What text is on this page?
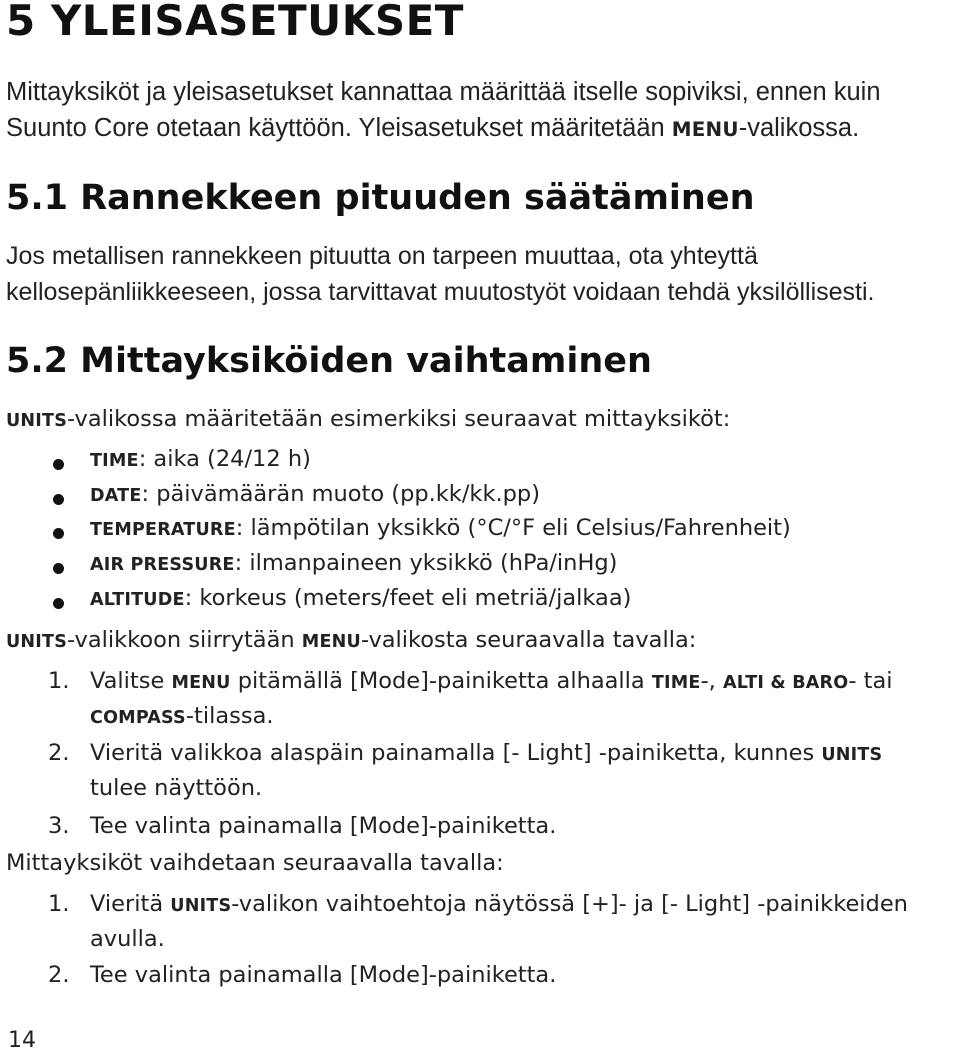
5 YLEISASETUKSET

Mittayksiköt ja yleisasetukset kannattaa määrittää itselle sopiviksi, ennen kuin Suunto Core otetaan käyttöön. Yleisasetukset määritetään MENU-valikossa.

5.1 Rannekkeen pituuden säätäminen

Jos metallisen rannekkeen pituutta on tarpeen muuttaa, ota yhteyttä kellosepänliikkeeseen, jossa tarvittavat muutostyöt voidaan tehdä yksilöllisesti.

5.2 Mittayksiköiden vaihtaminen
UNITS-valikossa määritetään esimerkiksi seuraavat mittayksiköt:
TIME: aika (24/12 h)
DATE: päivämäärän muoto (pp.kk/kk.pp)
TEMPERATURE: lämpötilan yksikkö (°C/°F eli Celsius/Fahrenheit)
AIR PRESSURE: ilmanpaineen yksikkö (hPa/inHg)
ALTITUDE: korkeus (meters/feet eli metriä/jalkaa)
UNITS-valikkoon siirrytään MENU-valikosta seuraavalla tavalla:
1. Valitse MENU pitämällä [Mode]-painiketta alhaalla TIME-, ALTI & BARO- tai
COMPASS-tilassa.
2. Vieritä valikkoa alaspäin painamalla [- Light] -painiketta, kunnes UNITS
tulee näyttöön.
3. Tee valinta painamalla [Mode]-painiketta.
Mittayksiköt vaihdetaan seuraavalla tavalla:
1. Vieritä UNITS-valikon vaihtoehtoja näytössä [+]- ja [- Light] -painikkeiden
avulla.
2. Tee valinta painamalla [Mode]-painiketta.
14
